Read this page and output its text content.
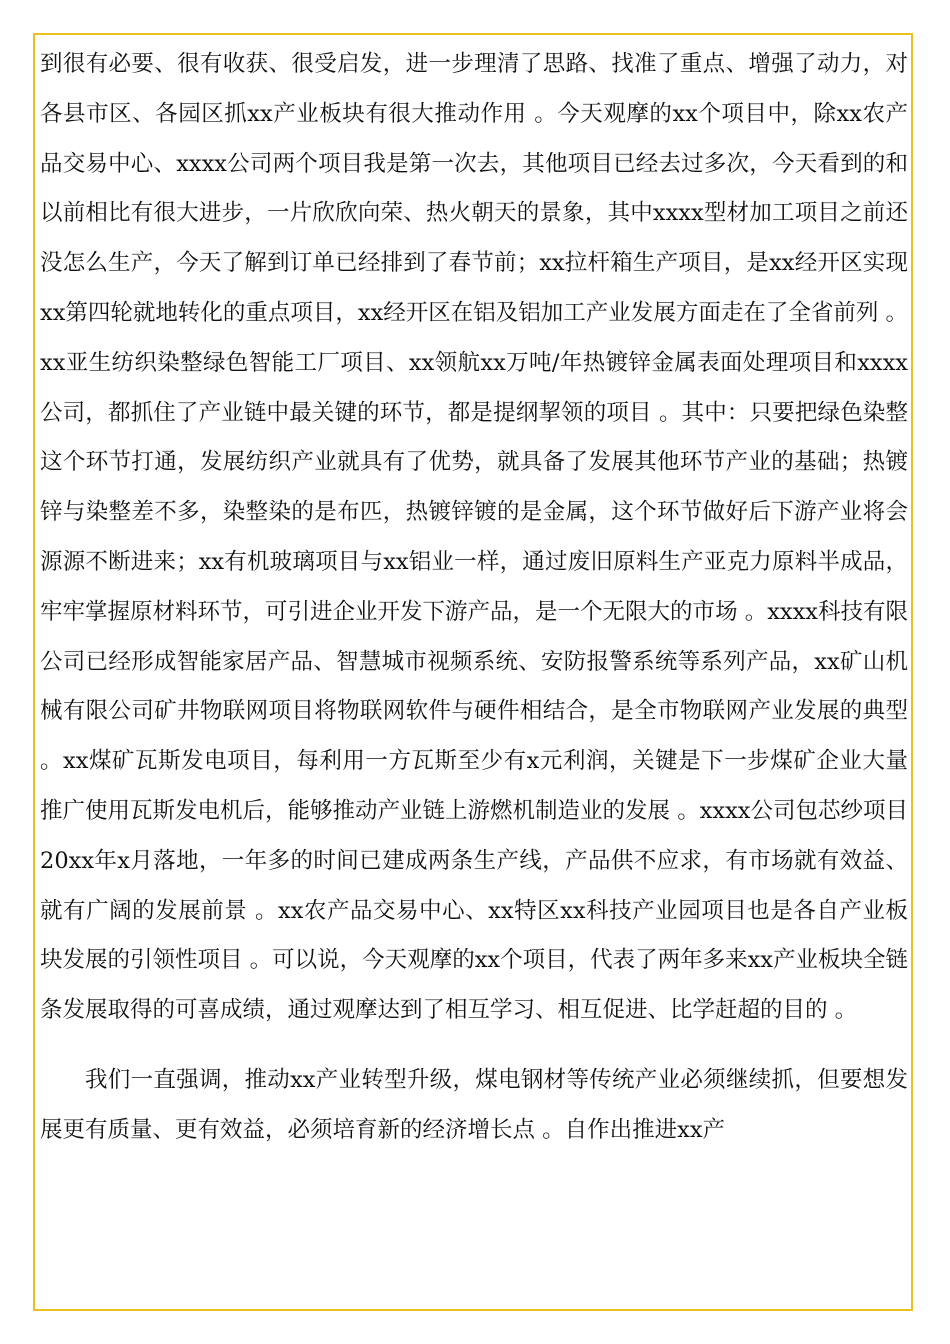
到很有必要、很有收获、很受启发，进一步理清了思路、找准了重点、增强了动力，对各县市区、各园区抓xx产业板块有很大推动作用 。今天观摩的xx个项目中，除xx农产品交易中心、xxxx公司两个项目我是第一次去，其他项目已经去过多次，今天看到的和以前相比有很大进步，一片欣欣向荣、热火朝天的景象，其中xxxx型材加工项目之前还没怎么生产，今天了解到订单已经排到了春节前；xx拉杆箱生产项目，是xx经开区实现xx第四轮就地转化的重点项目，xx经开区在铝及铝加工产业发展方面走在了全省前列 。xx亚生纺织染整绿色智能工厂项目、xx领航xx万吨/年热镀锌金属表面处理项目和xxxx公司，都抓住了产业链中最关键的环节，都是提纲挈领的项目 。其中：只要把绿色染整这个环节打通，发展纺织产业就具有了优势，就具备了发展其他环节产业的基础；热镀锌与染整差不多，染整染的是布匹，热镀锌镀的是金属，这个环节做好后下游产业将会源源不断进来；xx有机玻璃项目与xx铝业一样，通过废旧原料生产亚克力原料半成品，牢牢掌握原材料环节，可引进企业开发下游产品，是一个无限大的市场 。xxxx科技有限公司已经形成智能家居产品、智慧城市视频系统、安防报警系统等系列产品，xx矿山机械有限公司矿井物联网项目将物联网软件与硬件相结合，是全市物联网产业发展的典型 。xx煤矿瓦斯发电项目，每利用一方瓦斯至少有x元利润，关键是下一步煤矿企业大量推广使用瓦斯发电机后，能够推动产业链上游燃机制造业的发展 。xxxx公司包芯纱项目20xx年x月落地，一年多的时间已建成两条生产线，产品供不应求，有市场就有效益、就有广阔的发展前景 。xx农产品交易中心、xx特区xx科技产业园项目也是各自产业板块发展的引领性项目 。可以说，今天观摩的xx个项目，代表了两年多来xx产业板块全链条发展取得的可喜成绩，通过观摩达到了相互学习、相互促进、比学赶超的目的 。

我们一直强调，推动xx产业转型升级，煤电钢材等传统产业必须继续抓，但要想发展更有质量、更有效益，必须培育新的经济增长点 。自作出推进xx产
